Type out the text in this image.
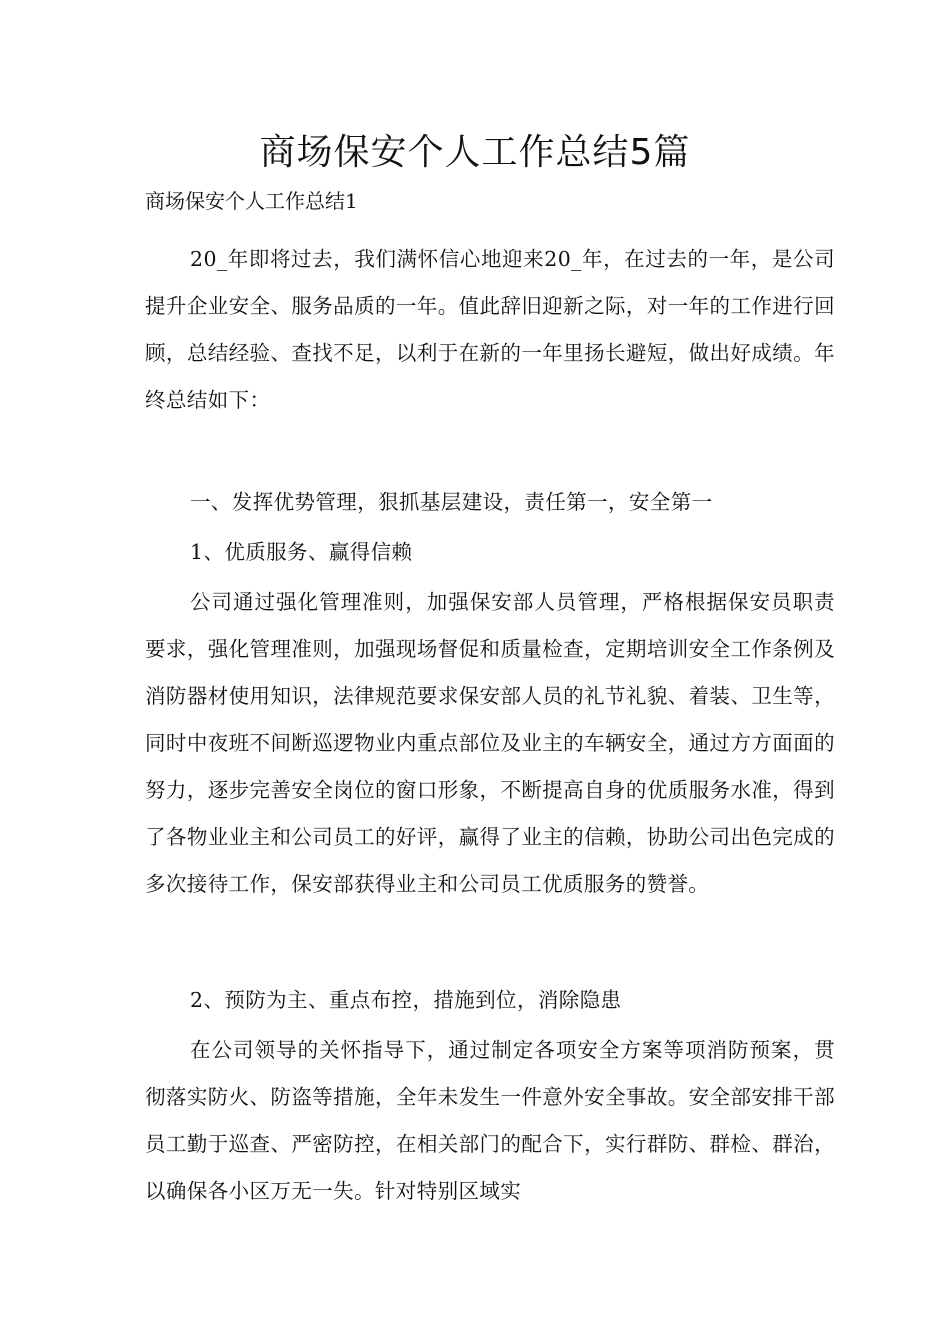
商场保安个人工作总结5篇

商场保安个人工作总结1

20_年即将过去，我们满怀信心地迎来20_年，在过去的一年，是公司提升企业安全、服务品质的一年。值此辞旧迎新之际，对一年的工作进行回顾，总结经验、查找不足，以利于在新的一年里扬长避短，做出好成绩。年终总结如下：

一、发挥优势管理，狠抓基层建设，责任第一，安全第一

1、优质服务、赢得信赖

公司通过强化管理准则，加强保安部人员管理，严格根据保安员职责要求，强化管理准则，加强现场督促和质量检查，定期培训安全工作条例及消防器材使用知识，法律规范要求保安部人员的礼节礼貌、着装、卫生等，同时中夜班不间断巡逻物业内重点部位及业主的车辆安全，通过方方面面的努力，逐步完善安全岗位的窗口形象，不断提高自身的优质服务水准，得到了各物业业主和公司员工的好评，赢得了业主的信赖，协助公司出色完成的多次接待工作，保安部获得业主和公司员工优质服务的赞誉。

2、预防为主、重点布控，措施到位，消除隐患

在公司领导的关怀指导下，通过制定各项安全方案等项消防预案，贯彻落实防火、防盗等措施，全年未发生一件意外安全事故。安全部安排干部员工勤于巡查、严密防控，在相关部门的配合下，实行群防、群检、群治，以确保各小区万无一失。针对特别区域实
